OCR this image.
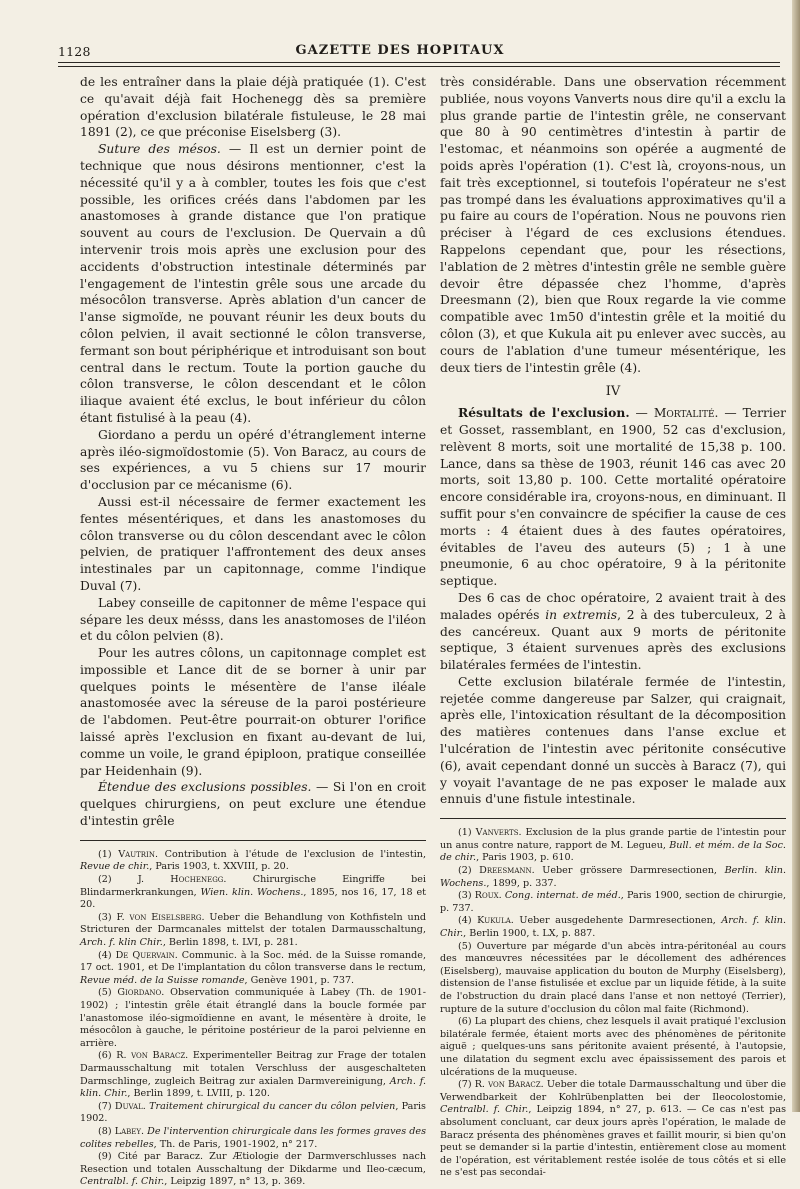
1128	GAZETTE DES HOPITAUX

de les entraîner dans la plaie déjà pratiquée (1). C'est ce qu'avait déjà fait Hochenegg dès sa première opération d'exclusion bilatérale fistuleuse, le 28 mai 1891 (2), ce que préconise Eiselsberg (3).

Suture des mésos. — Il est un dernier point de technique que nous désirons mentionner, c'est la nécessité qu'il y a à combler, toutes les fois que c'est possible, les orifices créés dans l'abdomen par les anastomoses à grande distance que l'on pratique souvent au cours de l'exclusion. De Quervain a dû intervenir trois mois après une exclusion pour des accidents d'obstruction intestinale déterminés par l'engagement de l'intestin grêle sous une arcade du mésocôlon transverse. Après ablation d'un cancer de l'anse sigmoïde, ne pouvant réunir les deux bouts du côlon pelvien, il avait sectionné le côlon transverse, fermant son bout périphérique et introduisant son bout central dans le rectum. Toute la portion gauche du côlon transverse, le côlon descendant et le côlon iliaque avaient été exclus, le bout inférieur du côlon étant fistulisé à la peau (4).

Giordano a perdu un opéré d'étranglement interne après iléo-sigmoïdostomie (5). Von Baracz, au cours de ses expériences, a vu 5 chiens sur 17 mourir d'occlusion par ce mécanisme (6).

Aussi est-il nécessaire de fermer exactement les fentes mésentériques, et dans les anastomoses du côlon transverse ou du côlon descendant avec le côlon pelvien, de pratiquer l'affrontement des deux anses intestinales par un capitonnage, comme l'indique Duval (7).

Labey conseille de capitonner de même l'espace qui sépare les deux mésss, dans les anastomoses de l'iléon et du côlon pelvien (8).

Pour les autres côlons, un capitonnage complet est impossible et Lance dit de se borner à unir par quelques points le mésentère de l'anse iléale anastomosée avec la séreuse de la paroi postérieure de l'abdomen. Peut-être pourrait-on obturer l'orifice laissé après l'exclusion en fixant au-devant de lui, comme un voile, le grand épiploon, pratique conseillée par Heidenhain (9).

Étendue des exclusions possibles. — Si l'on en croit quelques chirurgiens, on peut exclure une étendue d'intestin grêle

(1) Vautrin. Contribution à l'étude de l'exclusion de l'intestin, Revue de chir., Paris 1903, t. XXVIII, p. 20.

(2) J. Hochenegg. Chirurgische Eingriffe bei Blindarmerkrankungen, Wien. klin. Wochens., 1895, nos 16, 17, 18 et 20.

(3) F. von Eiselsberg. Ueber die Behandlung von Kothfisteln und Stricturen der Darmcanales mittelst der totalen Darmausschaltung, Arch. f. klin Chir., Berlin 1898, t. LVI, p. 281.

(4) De Quervain. Communic. à la Soc. méd. de la Suisse romande, 17 oct. 1901, et De l'implantation du côlon transverse dans le rectum, Revue méd. de la Suisse romande, Genève 1901, p. 737.

(5) Giordano. Observation communiquée à Labey (Th. de 1901-1902) ; l'intestin grêle était étranglé dans la boucle formée par l'anastomose iléo-sigmoïdienne en avant, le mésentère à droite, le mésocôlon à gauche, le péritoine postérieur de la paroi pelvienne en arrière.

(6) R. von Baracz. Experimenteller Beitrag zur Frage der totalen Darmausschaltung mit totalen Verschluss der ausgeschalteten Darmschlinge, zugleich Beitrag zur axialen Darmvereinigung, Arch. f. klin. Chir., Berlin 1899, t. LVIII, p. 120.

(7) Duval. Traitement chirurgical du cancer du côlon pelvien, Paris 1902.

(8) Labey. De l'intervention chirurgicale dans les formes graves des colites rebelles, Th. de Paris, 1901-1902, n° 217.

(9) Cité par Baracz. Zur Ætiologie der Darmverschlusses nach Resection und totalen Ausschaltung der Dikdarme und Ileo-cæcum, Centralbl. f. Chir., Leipzig 1897, n° 13, p. 369.

très considérable. Dans une observation récemment publiée, nous voyons Vanverts nous dire qu'il a exclu la plus grande partie de l'intestin grêle, ne conservant que 80 à 90 centimètres d'intestin à partir de l'estomac, et néanmoins son opérée a augmenté de poids après l'opération (1). C'est là, croyons-nous, un fait très exceptionnel, si toutefois l'opérateur ne s'est pas trompé dans les évaluations approximatives qu'il a pu faire au cours de l'opération. Nous ne pouvons rien préciser à l'égard de ces exclusions étendues. Rappelons cependant que, pour les résections, l'ablation de 2 mètres d'intestin grêle ne semble guère devoir être dépassée chez l'homme, d'après Dreesmann (2), bien que Roux regarde la vie comme compatible avec 1m50 d'intestin grêle et la moitié du côlon (3), et que Kukula ait pu enlever avec succès, au cours de l'ablation d'une tumeur mésentérique, les deux tiers de l'intestin grêle (4).

IV

Résultats de l'exclusion. — Mortalité. — Terrier et Gosset, rassemblant, en 1900, 52 cas d'exclusion, relèvent 8 morts, soit une mortalité de 15,38 p. 100. Lance, dans sa thèse de 1903, réunit 146 cas avec 20 morts, soit 13,80 p. 100. Cette mortalité opératoire encore considérable ira, croyons-nous, en diminuant. Il suffit pour s'en convaincre de spécifier la cause de ces morts : 4 étaient dues à des fautes opératoires, évitables de l'aveu des auteurs (5) ; 1 à une pneumonie, 6 au choc opératoire, 9 à la péritonite septique.

Des 6 cas de choc opératoire, 2 avaient trait à des malades opérés in extremis, 2 à des tuberculeux, 2 à des cancéreux. Quant aux 9 morts de péritonite septique, 3 étaient survenues après des exclusions bilatérales fermées de l'intestin.

Cette exclusion bilatérale fermée de l'intestin, rejetée comme dangereuse par Salzer, qui craignait, après elle, l'intoxication résultant de la décomposition des matières contenues dans l'anse exclue et l'ulcération de l'intestin avec péritonite consécutive (6), avait cependant donné un succès à Baracz (7), qui y voyait l'avantage de ne pas exposer le malade aux ennuis d'une fistule intestinale.

(1) Vanverts. Exclusion de la plus grande partie de l'intestin pour un anus contre nature, rapport de M. Legueu, Bull. et mém. de la Soc. de chir., Paris 1903, p. 610.

(2) Dreesmann. Ueber grössere Darmresectionen, Berlin. klin. Wochens., 1899, p. 337.

(3) Roux. Cong. internat. de méd., Paris 1900, section de chirurgie, p. 737.

(4) Kukula. Ueber ausgedehente Darmresectionen, Arch. f. klin. Chir., Berlin 1900, t. LX, p. 887.

(5) Ouverture par mégarde d'un abcès intra-péritonéal au cours des manœuvres nécessitées par le décollement des adhérences (Eiselsberg), mauvaise application du bouton de Murphy (Eiselsberg), distension de l'anse fistulisée et exclue par un liquide fétide, à la suite de l'obstruction du drain placé dans l'anse et non nettoyé (Terrier), rupture de la suture d'occlusion du côlon mal faite (Richmond).

(6) La plupart des chiens, chez lesquels il avait pratiqué l'exclusion bilatérale fermée, étaient morts avec des phénomènes de péritonite aiguë ; quelques-uns sans péritonite avaient présenté, à l'autopsie, une dilatation du segment exclu avec épaississement des parois et ulcérations de la muqueuse.

(7) R. von Baracz. Ueber die totale Darmausschaltung und über die Verwendbarkeit der Kohlrübenplatten bei der Ileocolostomie, Centralbl. f. Chir., Leipzig 1894, n° 27, p. 613. — Ce cas n'est pas absolument concluant, car deux jours après l'opération, le malade de Baracz présenta des phénomènes graves et faillit mourir, si bien qu'on peut se demander si la partie d'intestin, entièrement close au moment de l'opération, est véritablement restée isolée de tous côtés et si elle ne s'est pas secondai-
